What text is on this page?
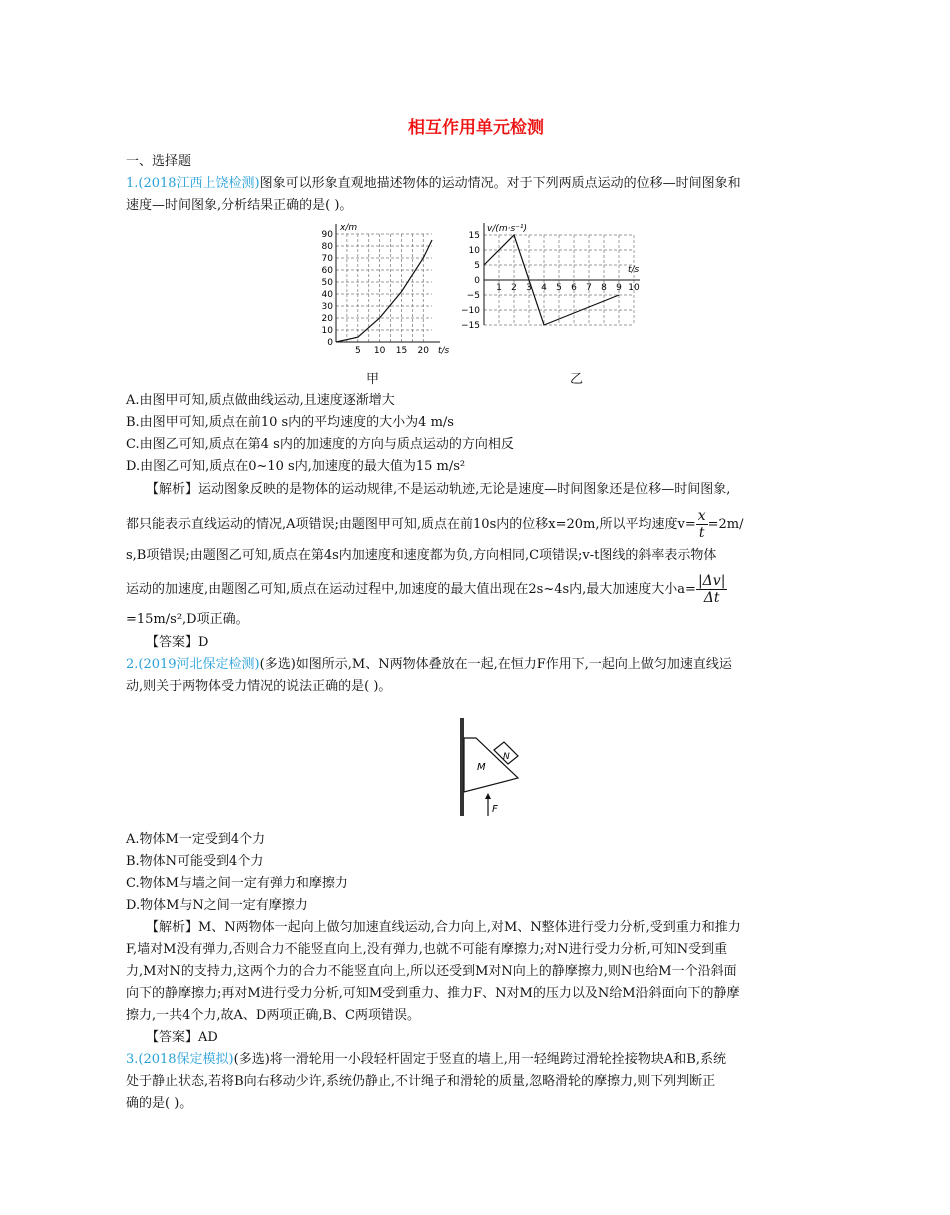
相互作用单元检测
一、选择题
1.(2018江西上饶检测)图象可以形象直观地描述物体的运动情况。对于下列两质点运动的位移—时间图象和
速度—时间图象,分析结果正确的是( )。
90
80
70
60
50
40
30
20
10
0
5 10 15 20
x/m
t/s
甲
15
10
5
0
−5
−10
−15
1 2 3 4 5 6 7 8 9 10
v/(m·s⁻¹)
t/s
乙
A.由图甲可知,质点做曲线运动,且速度逐渐增大
B.由图甲可知,质点在前10 s内的平均速度的大小为4 m/s
C.由图乙可知,质点在第4 s内的加速度的方向与质点运动的方向相反
D.由图乙可知,质点在0~10 s内,加速度的最大值为15 m/s²
【解析】运动图象反映的是物体的运动规律,不是运动轨迹,无论是速度—时间图象还是位移—时间图象,
都只能表示直线运动的情况,A项错误;由题图甲可知,质点在前10s内的位移x=20m,所以平均速度$v= \frac{x}{t} =2m/$
s,B项错误;由题图乙可知,质点在第4s内加速度和速度都为负,方向相同,C项错误;v-t图线的斜率表示物体
运动的加速度,由题图乙可知,质点在运动过程中,加速度的最大值出现在2s~4s内,最大加速度大小$a= \frac{|\Delta v|}{\Delta t}$
=15m/s²,D项正确。
【答案】D
2.(2019河北保定检测)(多选)如图所示,M、N两物体叠放在一起,在恒力F作用下,一起向上做匀加速直线运
动,则关于两物体受力情况的说法正确的是( )。
M
N
F
A.物体M一定受到4个力
B.物体N可能受到4个力
C.物体M与墙之间一定有弹力和摩擦力
D.物体M与N之间一定有摩擦力
【解析】M、N两物体一起向上做匀加速直线运动,合力向上,对M、N整体进行受力分析,受到重力和推力
F,墙对M没有弹力,否则合力不能竖直向上,没有弹力,也就不可能有摩擦力;对N进行受力分析,可知N受到重
力,M对N的支持力,这两个力的合力不能竖直向上,所以还受到M对N向上的静摩擦力,则N也给M一个沿斜面
向下的静摩擦力;再对M进行受力分析,可知M受到重力、推力F、N对M的压力以及N给M沿斜面向下的静摩
擦力,一共4个力,故A、D两项正确,B、C两项错误。
【答案】AD
3.(2018保定模拟)(多选)将一滑轮用一小段轻杆固定于竖直的墙上,用一轻绳跨过滑轮拴接物块A和B,系统
处于静止状态,若将B向右移动少许,系统仍静止,不计绳子和滑轮的质量,忽略滑轮的摩擦力,则下列判断正
确的是( )。
